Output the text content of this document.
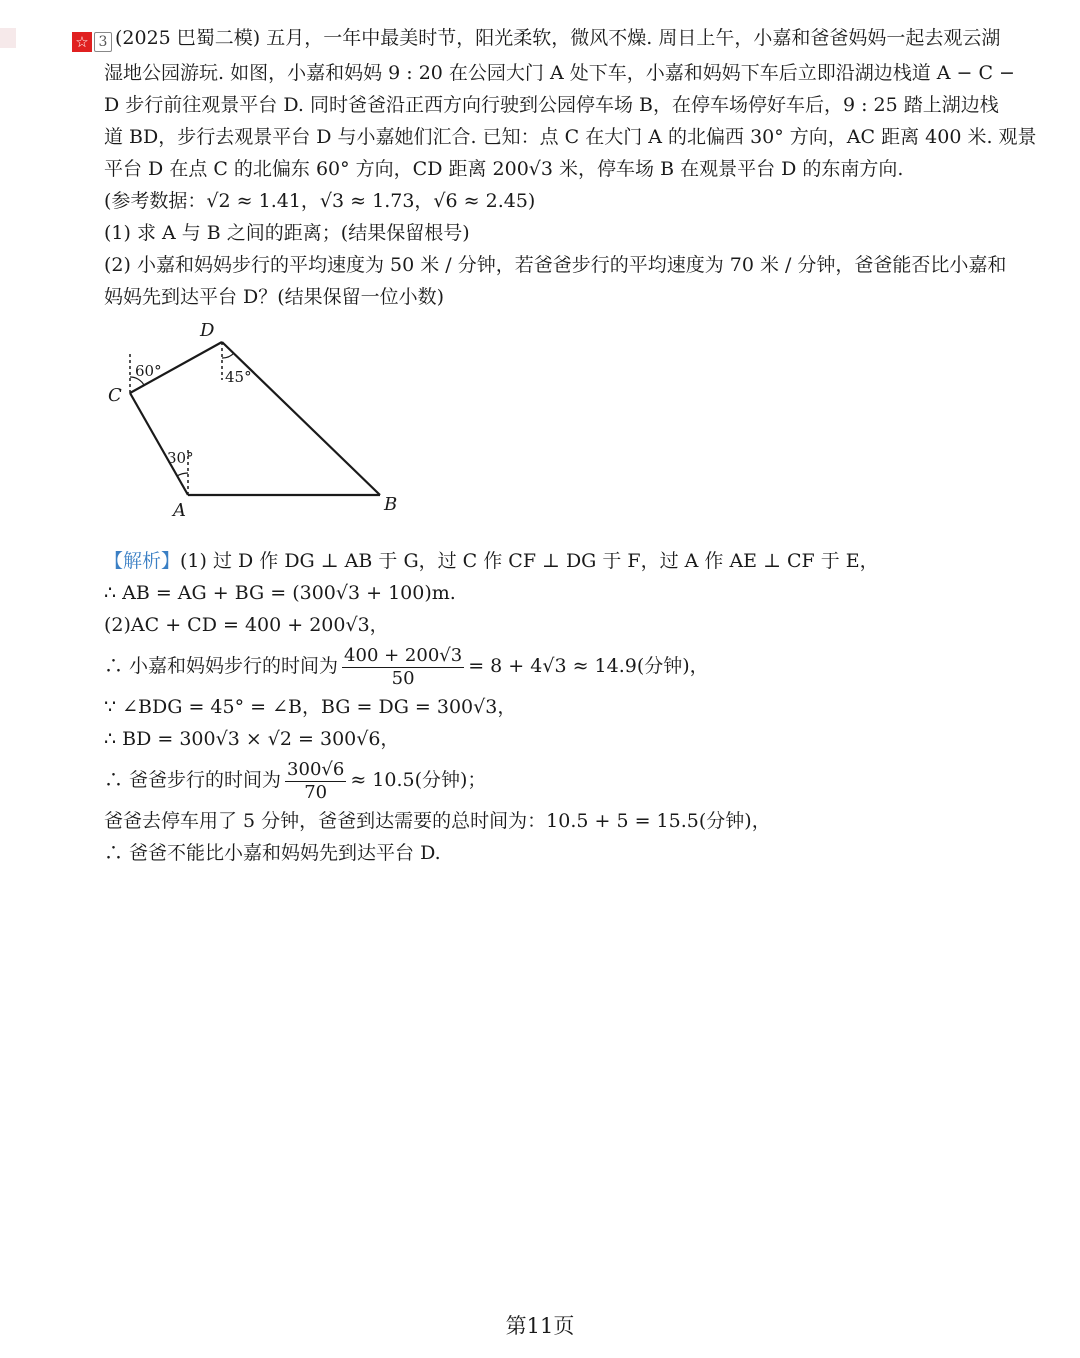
☆ 3 (2025 巴蜀二模) 五月，一年中最美时节，阳光柔软，微风不燥. 周日上午，小嘉和爸爸妈妈一起去观云湖
湿地公园游玩. 如图，小嘉和妈妈 9 : 20 在公园大门 A 处下车，小嘉和妈妈下车后立即沿湖边栈道 A − C −
D 步行前往观景平台 D. 同时爸爸沿正西方向行驶到公园停车场 B，在停车场停好车后，9 : 25 踏上湖边栈
道 BD，步行去观景平台 D 与小嘉她们汇合. 已知：点 C 在大门 A 的北偏西 30° 方向，AC 距离 400 米. 观景
平台 D 在点 C 的北偏东 60° 方向，CD 距离 200√3 米，停车场 B 在观景平台 D 的东南方向.
(参考数据：√2 ≈ 1.41，√3 ≈ 1.73，√6 ≈ 2.45)
(1) 求 A 与 B 之间的距离；(结果保留根号)
(2) 小嘉和妈妈步行的平均速度为 50 米 / 分钟，若爸爸步行的平均速度为 70 米 / 分钟，爸爸能否比小嘉和
妈妈先到达平台 D？(结果保留一位小数)
【解析】(1) 过 D 作 DG ⊥ AB 于 G，过 C 作 CF ⊥ DG 于 F，过 A 作 AE ⊥ CF 于 E，
∴ AB = AG + BG = (300√3 + 100)m.
(2)AC + CD = 400 + 200√3，
∴ 小嘉和妈妈步行的时间为 $\frac{400 + 200√3}{50} = 8 + 4√3 \approx 14.9$(分钟)，
∵ ∠BDG = 45° = ∠B，BG = DG = 300√3，
∴ BD = 300√3 × √2 = 300√6，
∴ 爸爸步行的时间为 $\frac{300√6}{70} \approx 10.5$(分钟)；
爸爸去停车用了 5 分钟，爸爸到达需要的总时间为：10.5 + 5 = 15.5(分钟)，
∴ 爸爸不能比小嘉和妈妈先到达平台 D.
60°	45°
30°
D
C
A	B
第11页
